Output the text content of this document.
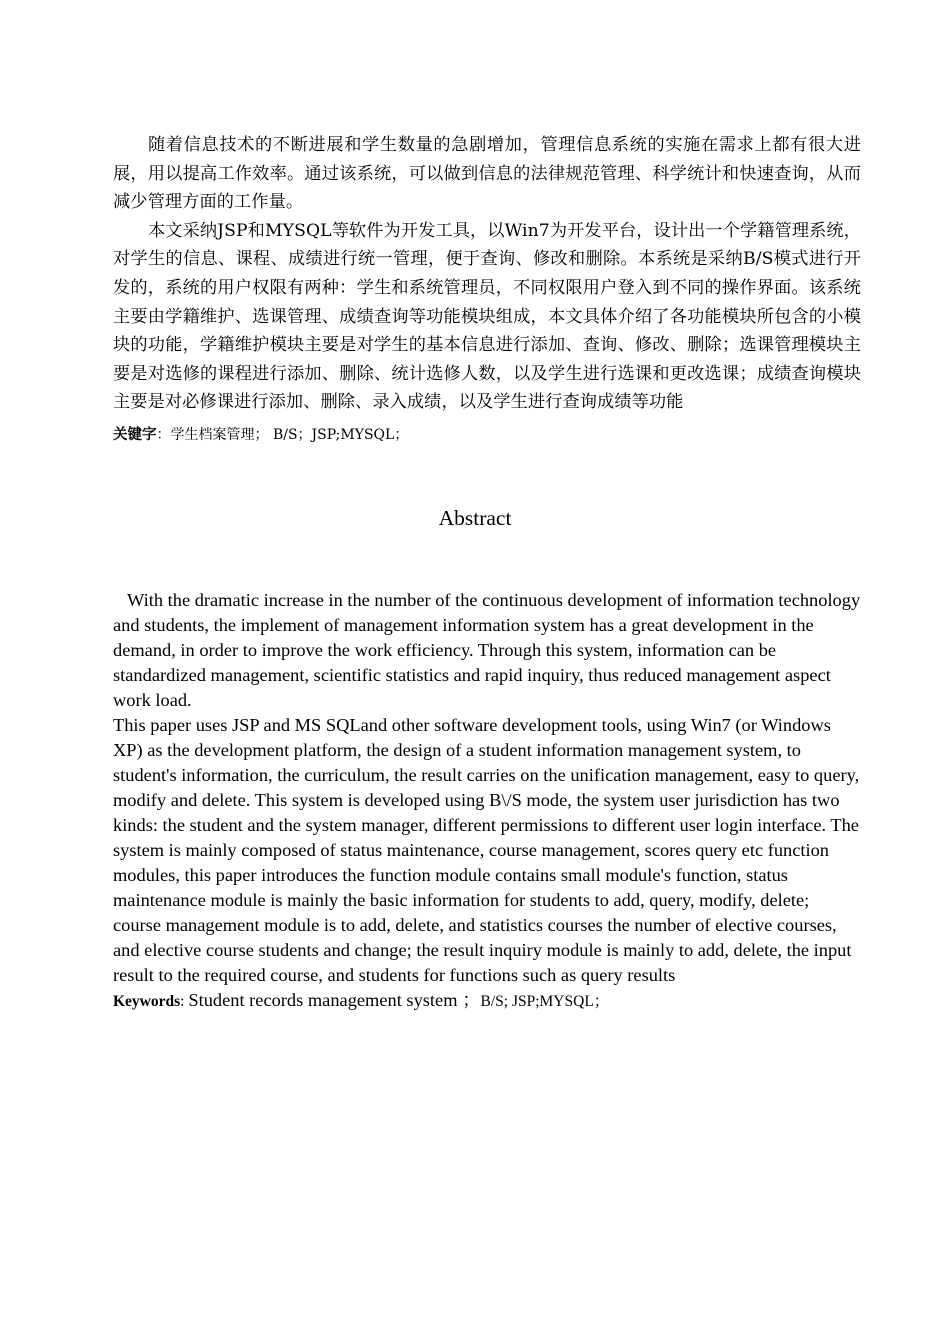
随着信息技术的不断进展和学生数量的急剧增加，管理信息系统的实施在需求上都有很大进展，用以提高工作效率。通过该系统，可以做到信息的法律规范管理、科学统计和快速查询，从而减少管理方面的工作量。

本文采纳JSP和MYSQL等软件为开发工具，以Win7为开发平台，设计出一个学籍管理系统，对学生的信息、课程、成绩进行统一管理，便于查询、修改和删除。本系统是采纳B/S模式进行开发的，系统的用户权限有两种：学生和系统管理员，不同权限用户登入到不同的操作界面。该系统主要由学籍维护、选课管理、成绩查询等功能模块组成，本文具体介绍了各功能模块所包含的小模块的功能，学籍维护模块主要是对学生的基本信息进行添加、查询、修改、删除；选课管理模块主要是对选修的课程进行添加、删除、统计选修人数，以及学生进行选课和更改选课；成绩查询模块主要是对必修课进行添加、删除、录入成绩，以及学生进行查询成绩等功能

关键字：学生档案管理； B/S；JSP;MYSQL；

Abstract

With the dramatic increase in the number of the continuous development of information technology and students, the implement of management information system has a great development in the demand, in order to improve the work efficiency. Through this system, information can be standardized management, scientific statistics and rapid inquiry, thus reduced management aspect work load.

This paper uses JSP and MS SQLand other software development tools, using Win7 (or Windows XP) as the development platform, the design of a student information management system, to student's information, the curriculum, the result carries on the unification management, easy to query, modify and delete. This system is developed using B\/S mode, the system user jurisdiction has two kinds: the student and the system manager, different permissions to different user login interface. The system is mainly composed of status maintenance, course management, scores query etc function modules, this paper introduces the function module contains small module's function, status maintenance module is mainly the basic information for students to add, query, modify, delete; course management module is to add, delete, and statistics courses the number of elective courses, and elective course students and change; the result inquiry module is mainly to add, delete, the input result to the required course, and students for functions such as query results

Keywords: Student records management system ；B/S; JSP;MYSQL；
